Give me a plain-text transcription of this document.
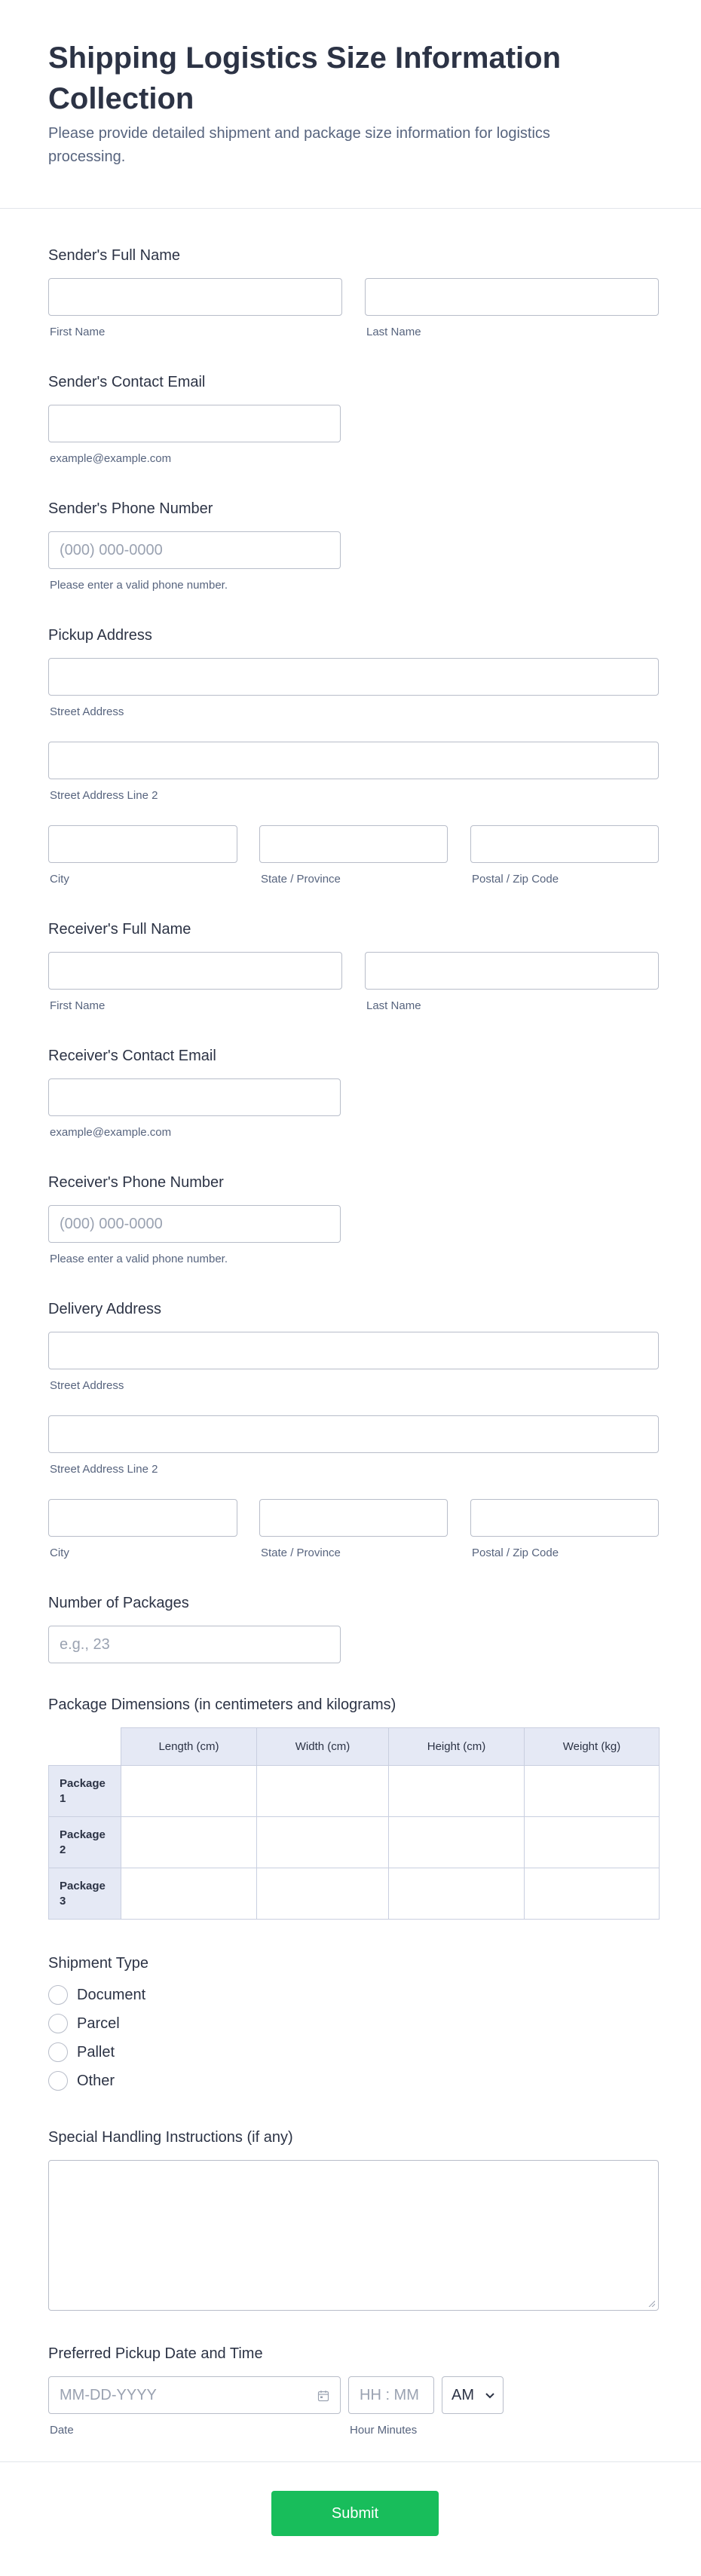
Shipping Logistics Size Information Collection

Please provide detailed shipment and package size information for logistics processing.

Sender's Full Name
First Name	Last Name
Sender's Contact Email
example@example.com
Sender's Phone Number
(000) 000-0000
Please enter a valid phone number.
Pickup Address
Street Address
Street Address Line 2
City	State / Province	Postal / Zip Code
Receiver's Full Name
First Name	Last Name
Receiver's Contact Email
example@example.com
Receiver's Phone Number
(000) 000-0000
Please enter a valid phone number.
Delivery Address
Street Address
Street Address Line 2
City	State / Province	Postal / Zip Code
Number of Packages
e.g., 23
Package Dimensions (in centimeters and kilograms)
	Length (cm)	Width (cm)	Height (cm)	Weight (kg)
Package 1				
Package 2				
Package 3				
Shipment Type
Document
Parcel
Pallet
Other
Special Handling Instructions (if any)
Preferred Pickup Date and Time
MM-DD-YYYY
Date
HH : MM
Hour Minutes
AM
Submit
